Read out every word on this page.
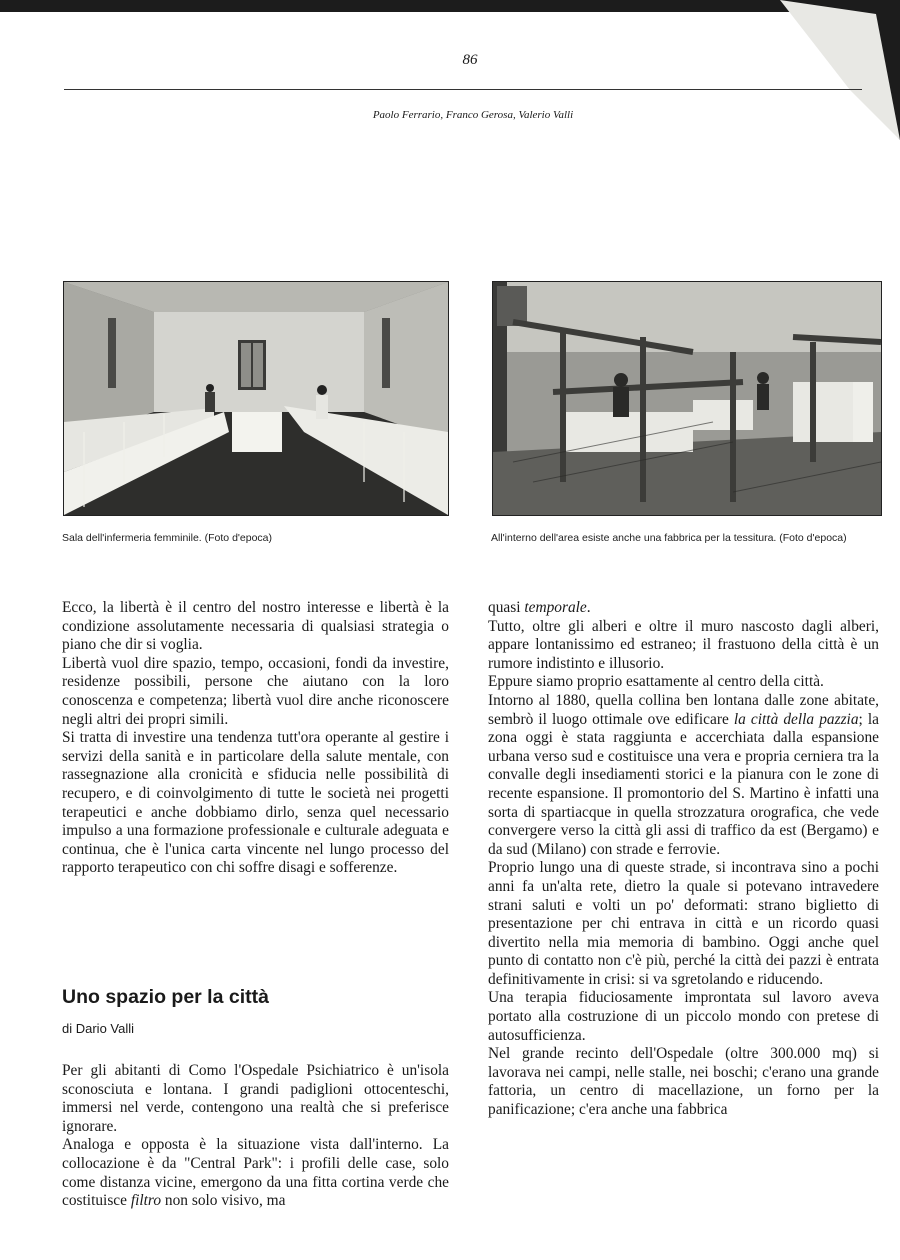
86
Paolo Ferrario, Franco Gerosa, Valerio Valli
Sala dell'infermeria femminile. (Foto d'epoca)	All'interno dell'area esiste anche una fabbrica per la tessitura. (Foto d'epoca)

Ecco, la libertà è il centro del nostro interesse e libertà è la condizione assolutamente necessaria di qualsiasi strategia o piano che dir si voglia.

Libertà vuol dire spazio, tempo, occasioni, fondi da investire, residenze possibili, persone che aiutano con la loro conoscenza e competenza; libertà vuol dire anche riconoscere negli altri dei propri simili.

Si tratta di investire una tendenza tutt'ora operante al gestire i servizi della sanità e in particolare della salute mentale, con rassegnazione alla cronicità e sfiducia nelle possibilità di recupero, e di coinvolgimento di tutte le società nei progetti terapeutici e anche dobbiamo dirlo, senza quel necessario impulso a una formazione professionale e culturale adeguata e continua, che è l'unica carta vincente nel lungo processo del rapporto terapeutico con chi soffre disagi e sofferenze.

Uno spazio per la città
di Dario Valli

Per gli abitanti di Como l'Ospedale Psichiatrico è un'isola sconosciuta e lontana. I grandi padiglioni ottocenteschi, immersi nel verde, contengono una realtà che si preferisce ignorare.

Analoga e opposta è la situazione vista dall'interno. La collocazione è da "Central Park": i profili delle case, solo come distanza vicine, emergono da una fitta cortina verde che costituisce filtro non solo visivo, ma

quasi temporale.

Tutto, oltre gli alberi e oltre il muro nascosto dagli alberi, appare lontanissimo ed estraneo; il frastuono della città è un rumore indistinto e illusorio.

Eppure siamo proprio esattamente al centro della città.

Intorno al 1880, quella collina ben lontana dalle zone abitate, sembrò il luogo ottimale ove edificare la città della pazzia; la zona oggi è stata raggiunta e accerchiata dalla espansione urbana verso sud e costituisce una vera e propria cerniera tra la convalle degli insediamenti storici e la pianura con le zone di recente espansione. Il promontorio del S. Martino è infatti una sorta di spartiacque in quella strozzatura orografica, che vede convergere verso la città gli assi di traffico da est (Bergamo) e da sud (Milano) con strade e ferrovie.

Proprio lungo una di queste strade, si incontrava sino a pochi anni fa un'alta rete, dietro la quale si potevano intravedere strani saluti e volti un po' deformati: strano biglietto di presentazione per chi entrava in città e un ricordo quasi divertito nella mia memoria di bambino. Oggi anche quel punto di contatto non c'è più, perché la città dei pazzi è entrata definitivamente in crisi: si va sgretolando e riducendo.

Una terapia fiduciosamente improntata sul lavoro aveva portato alla costruzione di un piccolo mondo con pretese di autosufficienza.

Nel grande recinto dell'Ospedale (oltre 300.000 mq) si lavorava nei campi, nelle stalle, nei boschi; c'erano una grande fattoria, un centro di macellazione, un forno per la panificazione; c'era anche una fabbrica
